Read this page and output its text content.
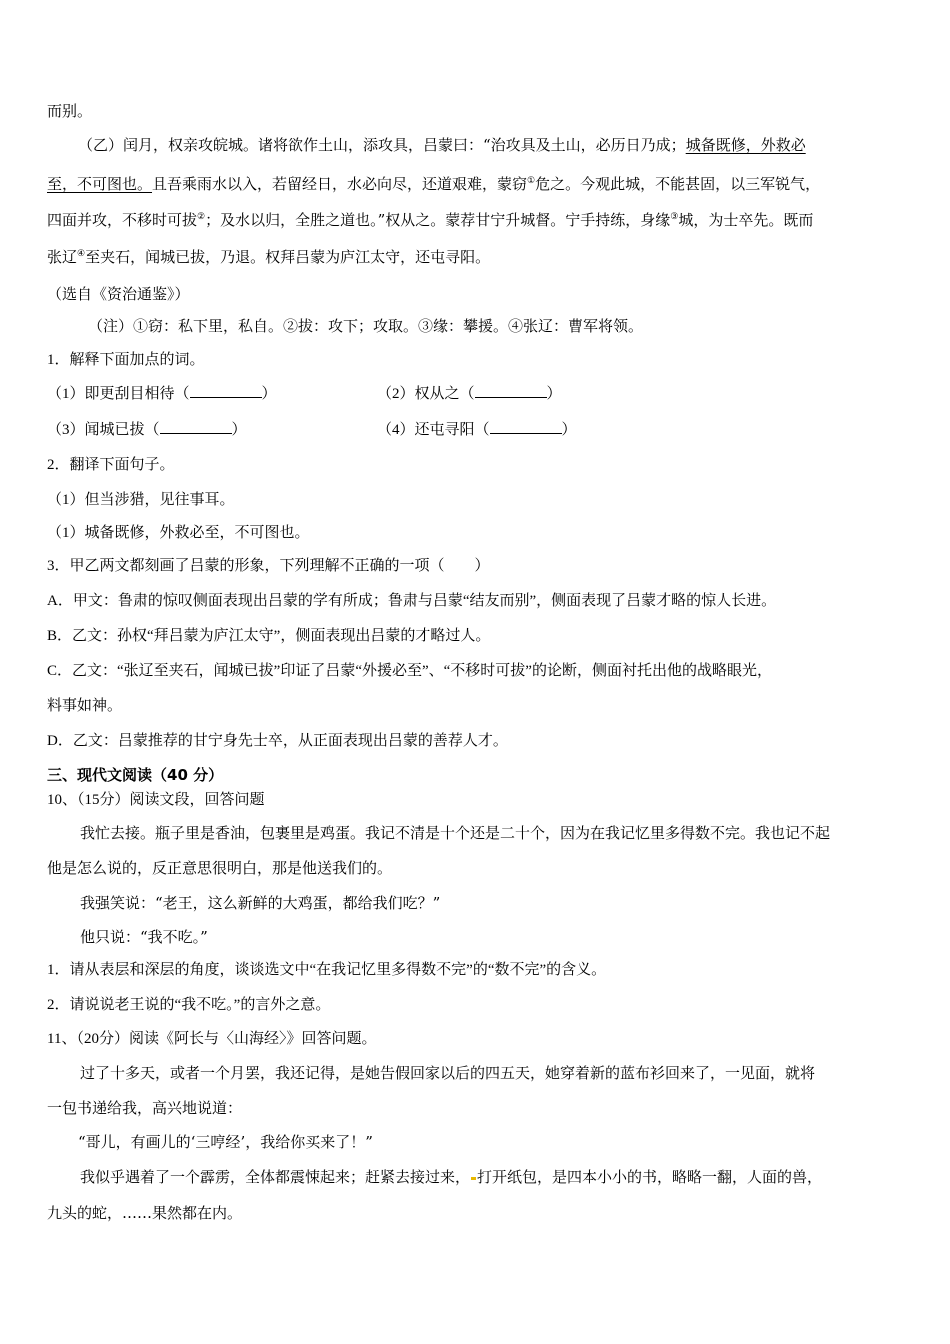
而别。
（乙）闰月，权亲攻皖城。诸将欲作土山，添攻具，吕蒙曰：“治攻具及土山，必历日乃成；城备既修，外救必
至，不可图也。且吾乘雨水以入，若留经日，水必向尽，还道艰难，蒙窃①危之。今观此城，不能甚固，以三军锐气，
四面并攻，不移时可拔②；及水以归，全胜之道也。”权从之。蒙荐甘宁升城督。宁手持练，身缘③城，为士卒先。既而
张辽④至夹石，闻城已拔，乃退。权拜吕蒙为庐江太守，还屯寻阳。
（选自《资治通鉴》）
（注）①窃：私下里，私自。②拔：攻下；攻取。③缘：攀援。④张辽：曹军将领。
1．解释下面加点的词。
（1）即更刮目相待（	）	（2）权从之（	）
（3）闻城已拔（	）	（4）还屯寻阳（	）
2．翻译下面句子。
（1）但当涉猎，见往事耳。
（1）城备既修，外救必至，不可图也。
3．甲乙两文都刻画了吕蒙的形象，下列理解不正确的一项（　　）
A．甲文：鲁肃的惊叹侧面表现出吕蒙的学有所成；鲁肃与吕蒙“结友而别”，侧面表现了吕蒙才略的惊人长进。
B．乙文：孙权“拜吕蒙为庐江太守”，侧面表现出吕蒙的才略过人。
C．乙文：“张辽至夹石，闻城已拔”印证了吕蒙“外援必至”、“不移时可拔”的论断，侧面衬托出他的战略眼光，
料事如神。
D．乙文：吕蒙推荐的甘宁身先士卒，从正面表现出吕蒙的善荐人才。
三、现代文阅读（40 分）
10、（15分）阅读文段，回答问题
我忙去接。瓶子里是香油，包裹里是鸡蛋。我记不清是十个还是二十个，因为在我记忆里多得数不完。我也记不起
他是怎么说的，反正意思很明白，那是他送我们的。
我强笑说：“老王，这么新鲜的大鸡蛋，都给我们吃？”
他只说：“我不吃。”
1．请从表层和深层的角度，谈谈选文中“在我记忆里多得数不完”的“数不完”的含义。
2．请说说老王说的“我不吃。”的言外之意。
11、（20分）阅读《阿长与〈山海经〉》回答问题。
过了十多天，或者一个月罢，我还记得，是她告假回家以后的四五天，她穿着新的蓝布衫回来了，一见面，就将
一包书递给我，高兴地说道：
“哥儿，有画儿的‘三哼经’，我给你买来了！”
我似乎遇着了一个霹雳，全体都震悚起来；赶紧去接过来， 打开纸包，是四本小小的书，略略一翻，人面的兽，
九头的蛇，……果然都在内。
